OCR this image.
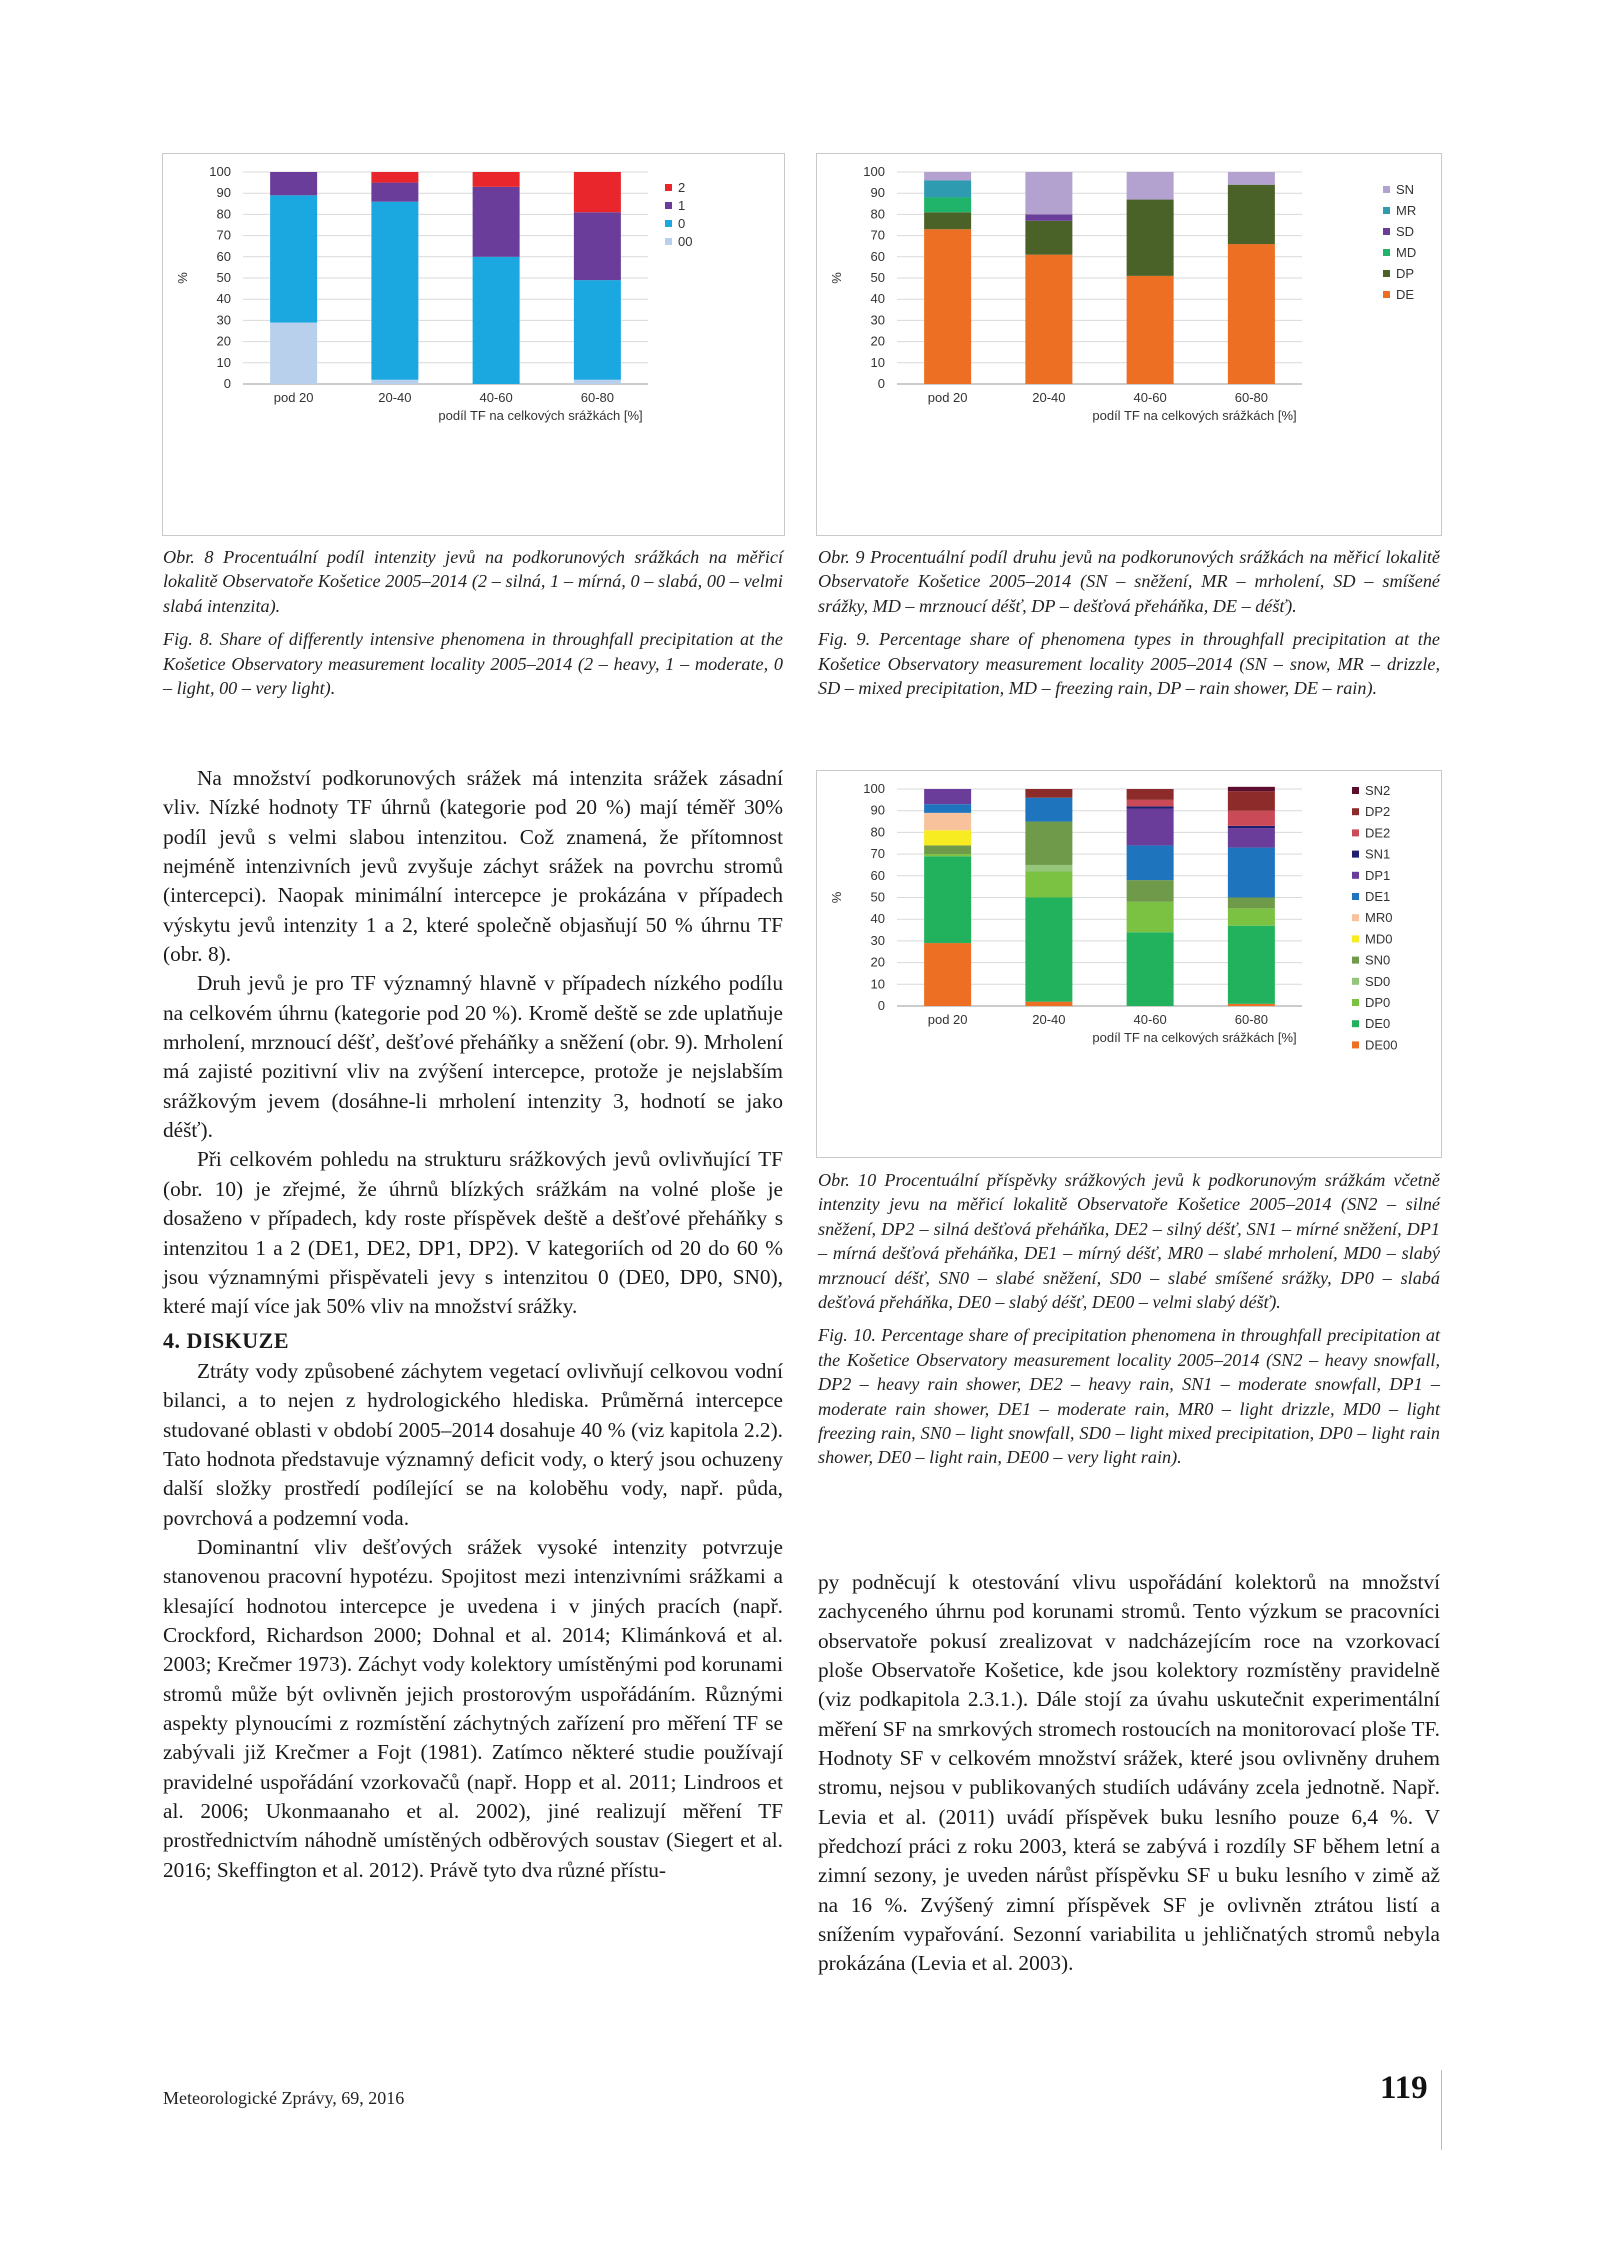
0
10
20
30
40
50
60
70
80
90
100
%
pod 20	20-40	40-60	60-80
podíl TF na celkových srážkách [%]
2
1
0
00
0
10
20
30
40
50
60
70
80
90
100
%
pod 20	20-40	40-60	60-80
podíl TF na celkových srážkách [%]
SN
MR
SD
MD
DP
DE

Obr. 8 Procentuální podíl intenzity jevů na podkorunových srážkách na měřicí lokalitě Observatoře Košetice 2005–2014 (2 – silná, 1 – mírná, 0 – slabá, 00 – velmi slabá intenzita).

Fig. 8. Share of differently intensive phenomena in throughfall precipitation at the Košetice Observatory measurement locality 2005–2014 (2 – heavy, 1 – moderate, 0 – light, 00 – very light).

Obr. 9 Procentuální podíl druhu jevů na podkorunových srážkách na měřicí lokalitě Observatoře Košetice 2005–2014 (SN – sněžení, MR – mrholení, SD – smíšené srážky, MD – mrznoucí déšť, DP – dešťová přeháňka, DE – déšť).

Fig. 9. Percentage share of phenomena types in throughfall precipitation at the Košetice Observatory measurement locality 2005–2014 (SN – snow, MR – drizzle, SD – mixed precipitation, MD – freezing rain, DP – rain shower, DE – rain).

0
10
20
30
40
50
60
70
80
90
100
%
pod 20	20-40	40-60	60-80
podíl TF na celkových srážkách [%]
SN2
DP2
DE2
SN1
DP1
DE1
MR0
MD0
SN0
SD0
DP0
DE0
DE00

Obr. 10 Procentuální příspěvky srážkových jevů k podkorunovým srážkám včetně intenzity jevu na měřicí lokalitě Observatoře Košetice 2005–2014 (SN2 – silné sněžení, DP2 – silná dešťová přeháňka, DE2 – silný déšť, SN1 – mírné sněžení, DP1 – mírná dešťová přeháňka, DE1 – mírný déšť, MR0 – slabé mrholení, MD0 – slabý mrznoucí déšť, SN0 – slabé sněžení, SD0 – slabé smíšené srážky, DP0 – slabá dešťová přeháňka, DE0 – slabý déšť, DE00 – velmi slabý déšť).

Fig. 10. Percentage share of precipitation phenomena in throughfall precipitation at the Košetice Observatory measurement locality 2005–2014 (SN2 – heavy snowfall, DP2 – heavy rain shower, DE2 – heavy rain, SN1 – moderate snowfall, DP1 – moderate rain shower, DE1 – moderate rain, MR0 – light drizzle, MD0 – light freezing rain, SN0 – light snowfall, SD0 – light mixed precipitation, DP0 – light rain shower, DE0 – light rain, DE00 – very light rain).

Na množství podkorunových srážek má intenzita srážek zásadní vliv. Nízké hodnoty TF úhrnů (kategorie pod 20 %) mají téměř 30% podíl jevů s velmi slabou intenzitou. Což znamená, že přítomnost nejméně intenzivních jevů zvyšuje záchyt srážek na povrchu stromů (intercepci). Naopak minimální intercepce je prokázána v případech výskytu jevů intenzity 1 a 2, které společně objasňují 50 % úhrnu TF (obr. 8).

Druh jevů je pro TF významný hlavně v případech nízkého podílu na celkovém úhrnu (kategorie pod 20 %). Kromě deště se zde uplatňuje mrholení, mrznoucí déšť, dešťové přeháňky a sněžení (obr. 9). Mrholení má zajisté pozitivní vliv na zvýšení intercepce, protože je nejslabším srážkovým jevem (dosáhne-li mrholení intenzity 3, hodnotí se jako déšť).

Při celkovém pohledu na strukturu srážkových jevů ovlivňující TF (obr. 10) je zřejmé, že úhrnů blízkých srážkám na volné ploše je dosaženo v případech, kdy roste příspěvek deště a dešťové přeháňky s intenzitou 1 a 2 (DE1, DE2, DP1, DP2). V kategoriích od 20 do 60 % jsou významnými přispěvateli jevy s intenzitou 0 (DE0, DP0, SN0), které mají více jak 50% vliv na množství srážky.

4. DISKUZE

Ztráty vody způsobené záchytem vegetací ovlivňují celkovou vodní bilanci, a to nejen z hydrologického hlediska. Průměrná intercepce studované oblasti v období 2005–2014 dosahuje 40 % (viz kapitola 2.2). Tato hodnota představuje významný deficit vody, o který jsou ochuzeny další složky prostředí podílející se na koloběhu vody, např. půda, povrchová a podzemní voda.

Dominantní vliv dešťových srážek vysoké intenzity potvrzuje stanovenou pracovní hypotézu. Spojitost mezi intenzivními srážkami a klesající hodnotou intercepce je uvedena i v jiných pracích (např. Crockford, Richardson 2000; Dohnal et al. 2014; Klimánková et al. 2003; Krečmer 1973). Záchyt vody kolektory umístěnými pod korunami stromů může být ovlivněn jejich prostorovým uspořádáním. Různými aspekty plynoucími z rozmístění záchytných zařízení pro měření TF se zabývali již Krečmer a Fojt (1981). Zatímco některé studie používají pravidelné uspořádání vzorkovačů (např. Hopp et al. 2011; Lindroos et al. 2006; Ukonmaanaho et al. 2002), jiné realizují měření TF prostřednictvím náhodně umístěných odběrových soustav (Siegert et al. 2016; Skeffington et al. 2012). Právě tyto dva různé přístu-

py podněcují k otestování vlivu uspořádání kolektorů na množství zachyceného úhrnu pod korunami stromů. Tento výzkum se pracovníci observatoře pokusí zrealizovat v nadcházejícím roce na vzorkovací ploše Observatoře Košetice, kde jsou kolektory rozmístěny pravidelně (viz podkapitola 2.3.1.). Dále stojí za úvahu uskutečnit experimentální měření SF na smrkových stromech rostoucích na monitorovací ploše TF. Hodnoty SF v celkovém množství srážek, které jsou ovlivněny druhem stromu, nejsou v publikovaných studiích udávány zcela jednotně. Např. Levia et al. (2011) uvádí příspěvek buku lesního pouze 6,4 %. V předchozí práci z roku 2003, která se zabývá i rozdíly SF během letní a zimní sezony, je uveden nárůst příspěvku SF u buku lesního v zimě až na 16 %. Zvýšený zimní příspěvek SF je ovlivněn ztrátou listí a snížením vypařování. Sezonní variabilita u jehličnatých stromů nebyla prokázána (Levia et al. 2003).

Meteorologické Zprávy, 69, 2016	119
